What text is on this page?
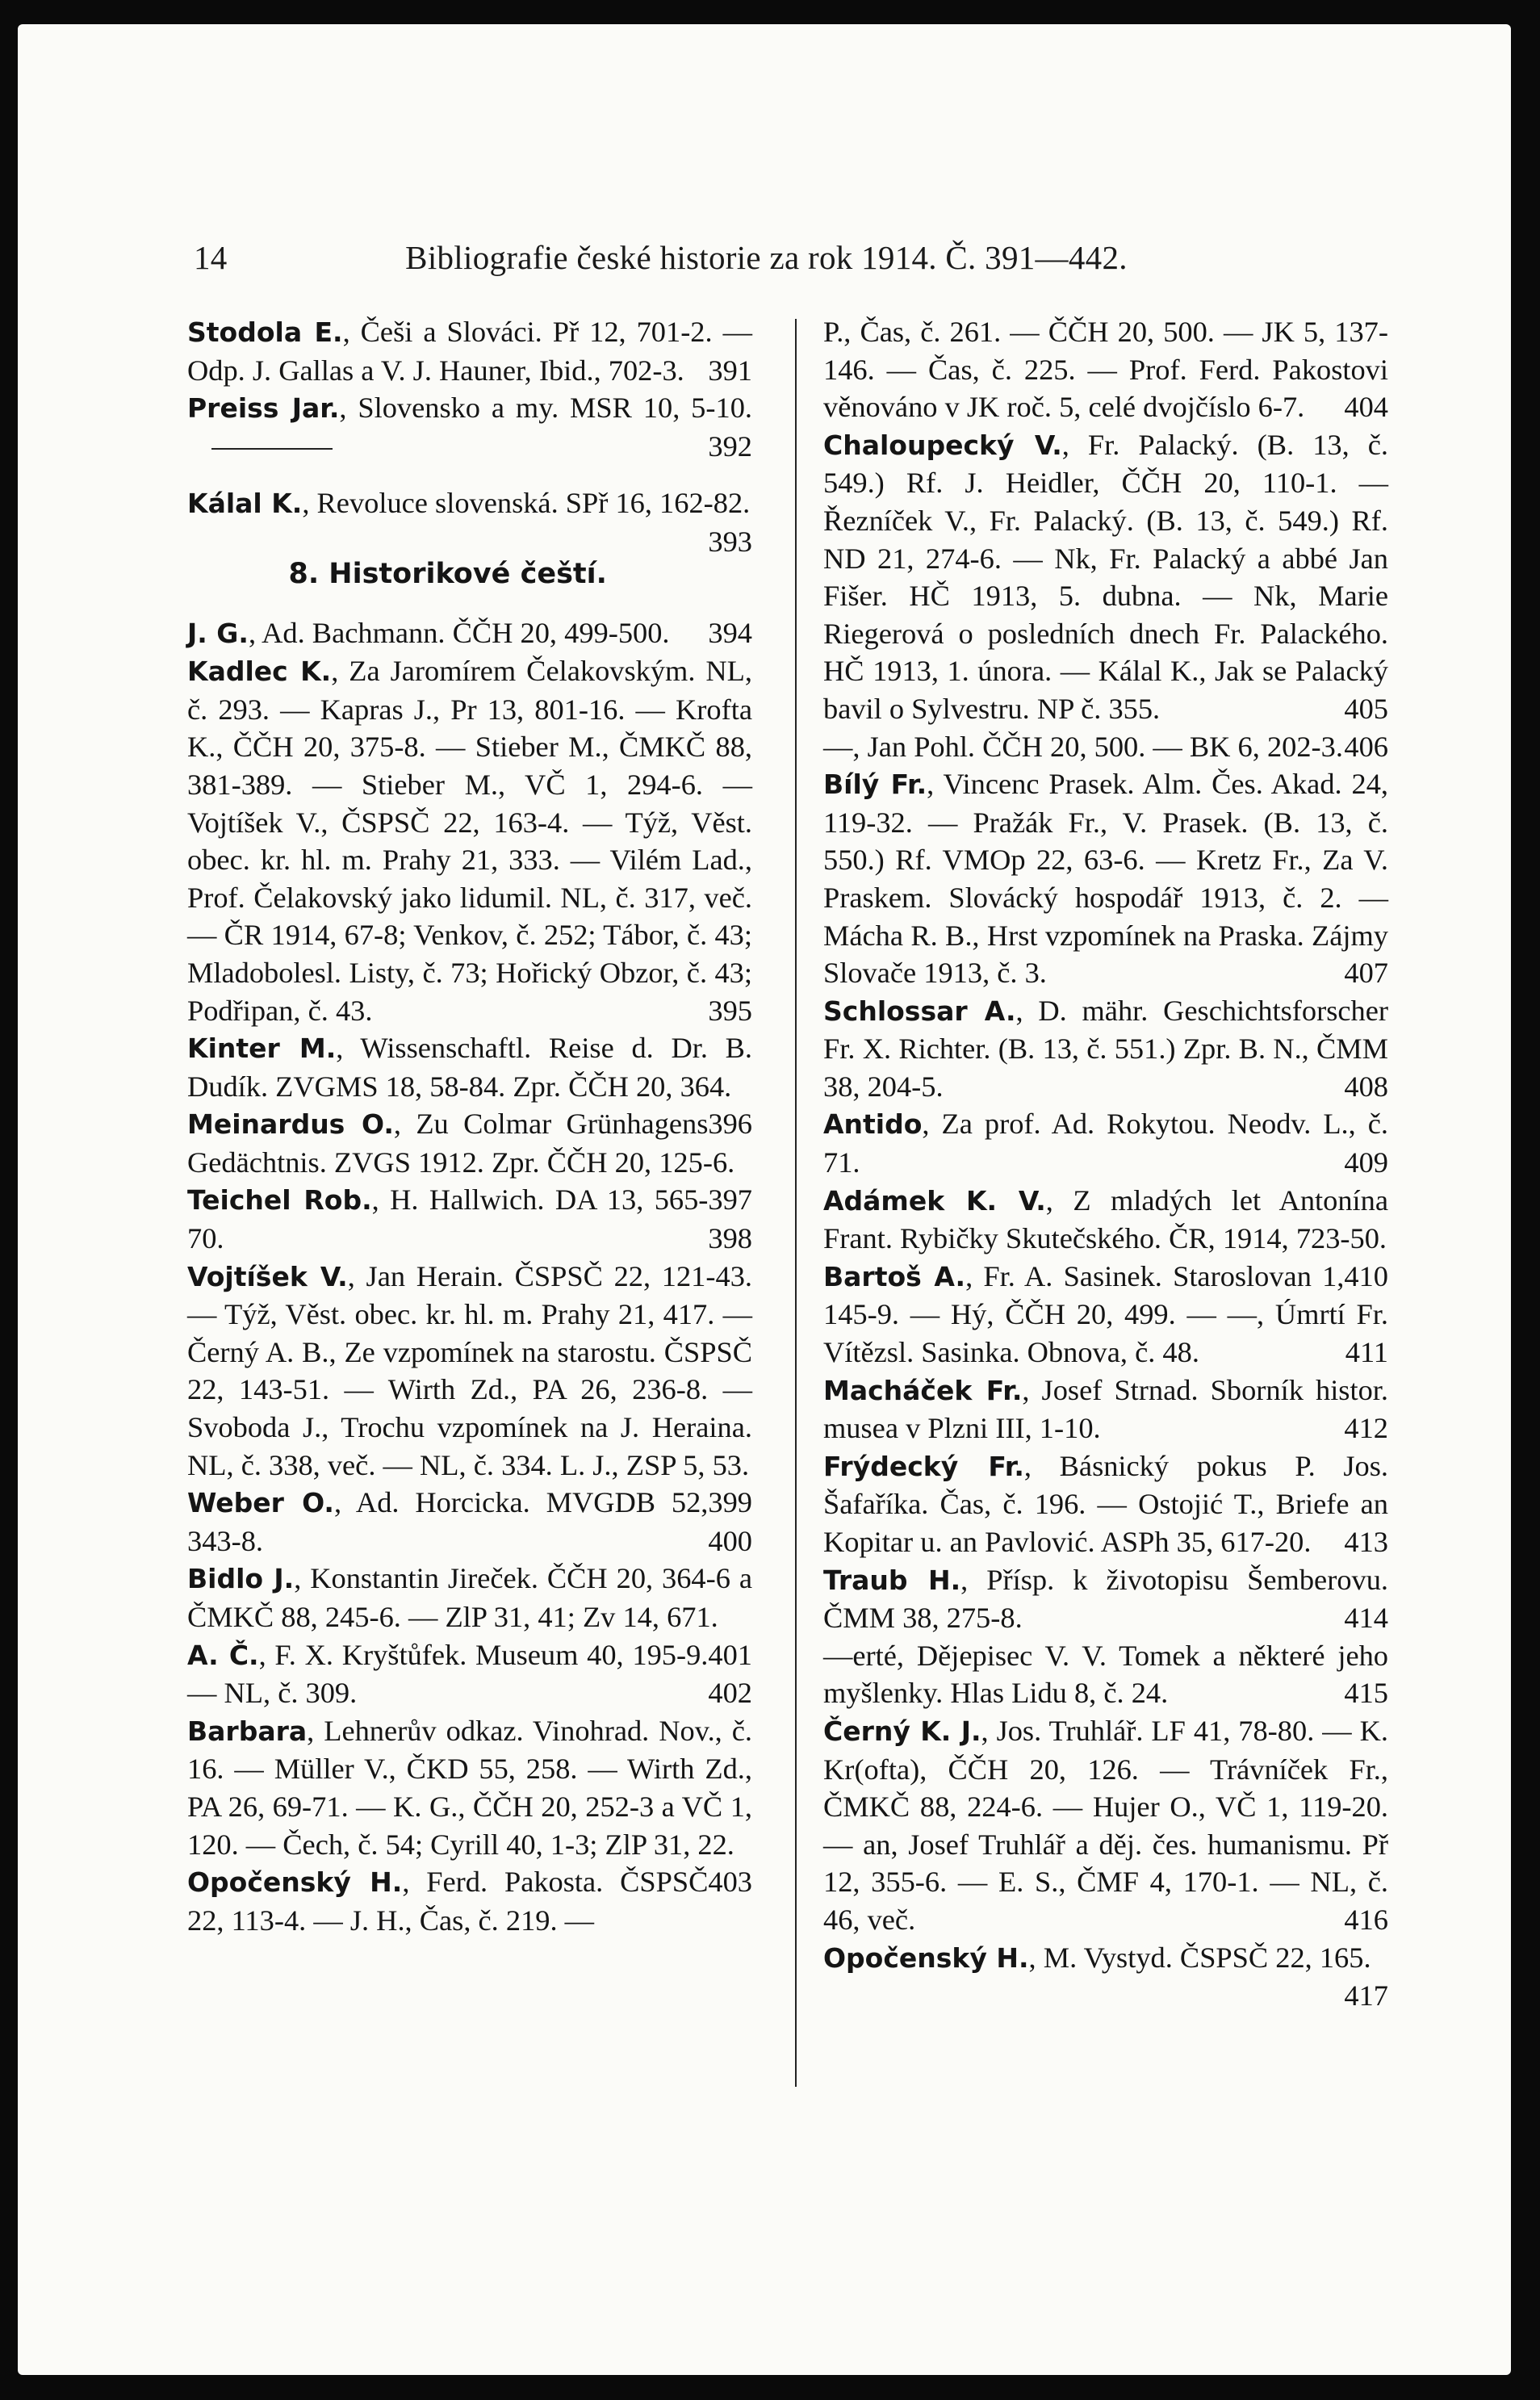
14	Bibliografie české historie za rok 1914. Č. 391—442.

Stodola E., Češi a Slováci. Př 12, 701-2. — Odp. J. Gallas a V. J. Hauner, Ibid., 702-3. 391

Preiss Jar., Slovensko a my. MSR 10, 5-10.
392

Kálal K., Revoluce slovenská. SPř 16, 162-82.
393

8. Historikové čeští.

J. G., Ad. Bachmann. ČČH 20, 499-500. 394

Kadlec K., Za Jaromírem Čelakovským. NL, č. 293. — Kapras J., Pr 13, 801-16. — Krofta K., ČČH 20, 375-8. — Stieber M., ČMKČ 88, 381-389. — Stieber M., VČ 1, 294-6. — Vojtíšek V., ČSPSČ 22, 163-4. — Týž, Věst. obec. kr. hl. m. Prahy 21, 333. — Vilém Lad., Prof. Čelakovský jako lidumil. NL, č. 317, več. — ČR 1914, 67-8; Venkov, č. 252; Tábor, č. 43; Mladobolesl. Listy, č. 73; Hořický Obzor, č. 43; Podřipan, č. 43.	395

Kinter M., Wissenschaftl. Reise d. Dr. B. Dudík. ZVGMS 18, 58-84. Zpr. ČČH 20, 364.
396

Meinardus O., Zu Colmar Grünhagens Gedächtnis. ZVGS 1912. Zpr. ČČH 20, 125-6.
397

Teichel Rob., H. Hallwich. DA 13, 565-70.	398

Vojtíšek V., Jan Herain. ČSPSČ 22, 121-43. — Týž, Věst. obec. kr. hl. m. Prahy 21, 417. — Černý A. B., Ze vzpomínek na starostu. ČSPSČ 22, 143-51. — Wirth Zd., PA 26, 236-8. — Svoboda J., Trochu vzpomínek na J. Heraina. NL, č. 338, več. — NL, č. 334. L. J., ZSP 5, 53.
399

Weber O., Ad. Horcicka. MVGDB 52, 343-8.	400

Bidlo J., Konstantin Jireček. ČČH 20, 364-6 a ČMKČ 88, 245-6. — ZlP 31, 41; Zv 14, 671.
401

A. Č., F. X. Kryštůfek. Museum 40, 195-9. — NL, č. 309.	402

Barbara, Lehnerův odkaz. Vinohrad. Nov., č. 16. — Müller V., ČKD 55, 258. — Wirth Zd., PA 26, 69-71. — K. G., ČČH 20, 252-3 a VČ 1, 120. — Čech, č. 54; Cyrill 40, 1-3; ZlP 31, 22.
403

Opočenský H., Ferd. Pakosta. ČSPSČ 22, 113-4. — J. H., Čas, č. 219. —

P., Čas, č. 261. — ČČH 20, 500. — JK 5, 137-146. — Čas, č. 225. — Prof. Ferd. Pakostovi věnováno v JK roč. 5, celé dvojčíslo 6-7. 404

Chaloupecký V., Fr. Palacký. (B. 13, č. 549.) Rf. J. Heidler, ČČH 20, 110-1. — Řezníček V., Fr. Palacký. (B. 13, č. 549.) Rf. ND 21, 274-6. — Nk, Fr. Palacký a abbé Jan Fišer. HČ 1913, 5. dubna. — Nk, Marie Riegerová o posledních dnech Fr. Palackého. HČ 1913, 1. února. — Kálal K., Jak se Palacký bavil o Sylvestru. NP č. 355.	405

—, Jan Pohl. ČČH 20, 500. — BK 6, 202-3. 406

Bílý Fr., Vincenc Prasek. Alm. Čes. Akad. 24, 119-32. — Pražák Fr., V. Prasek. (B. 13, č. 550.) Rf. VMOp 22, 63-6. — Kretz Fr., Za V. Praskem. Slovácký hospodář 1913, č. 2. — Mácha R. B., Hrst vzpomínek na Praska. Zájmy Slovače 1913, č. 3.	407

Schlossar A., D. mähr. Geschichtsforscher Fr. X. Richter. (B. 13, č. 551.) Zpr. B. N., ČMM 38, 204-5.	408

Antido, Za prof. Ad. Rokytou. Neodv. L., č. 71.	409

Adámek K. V., Z mladých let Antonína Frant. Rybičky Skutečského. ČR, 1914, 723-50.
410

Bartoš A., Fr. A. Sasinek. Staroslovan 1, 145-9. — Hý, ČČH 20, 499. — —, Úmrtí Fr. Vítězsl. Sasinka. Obnova, č. 48.	411

Macháček Fr., Josef Strnad. Sborník histor. musea v Plzni III, 1-10.	412

Frýdecký Fr., Básnický pokus P. Jos. Šafaříka. Čas, č. 196. — Ostojić T., Briefe an Kopitar u. an Pavlović. ASPh 35, 617-20. 413

Traub H., Přísp. k životopisu Šemberovu. ČMM 38, 275-8.	414

—erté, Dějepisec V. V. Tomek a některé jeho myšlenky. Hlas Lidu 8, č. 24.	415

Černý K. J., Jos. Truhlář. LF 41, 78-80. — K. Kr(ofta), ČČH 20, 126. — Trávníček Fr., ČMKČ 88, 224-6. — Hujer O., VČ 1, 119-20. — an, Josef Truhlář a děj. čes. humanismu. Př 12, 355-6. — E. S., ČMF 4, 170-1. — NL, č. 46, več.	416

Opočenský H., M. Vystyd. ČSPSČ 22, 165.
417
